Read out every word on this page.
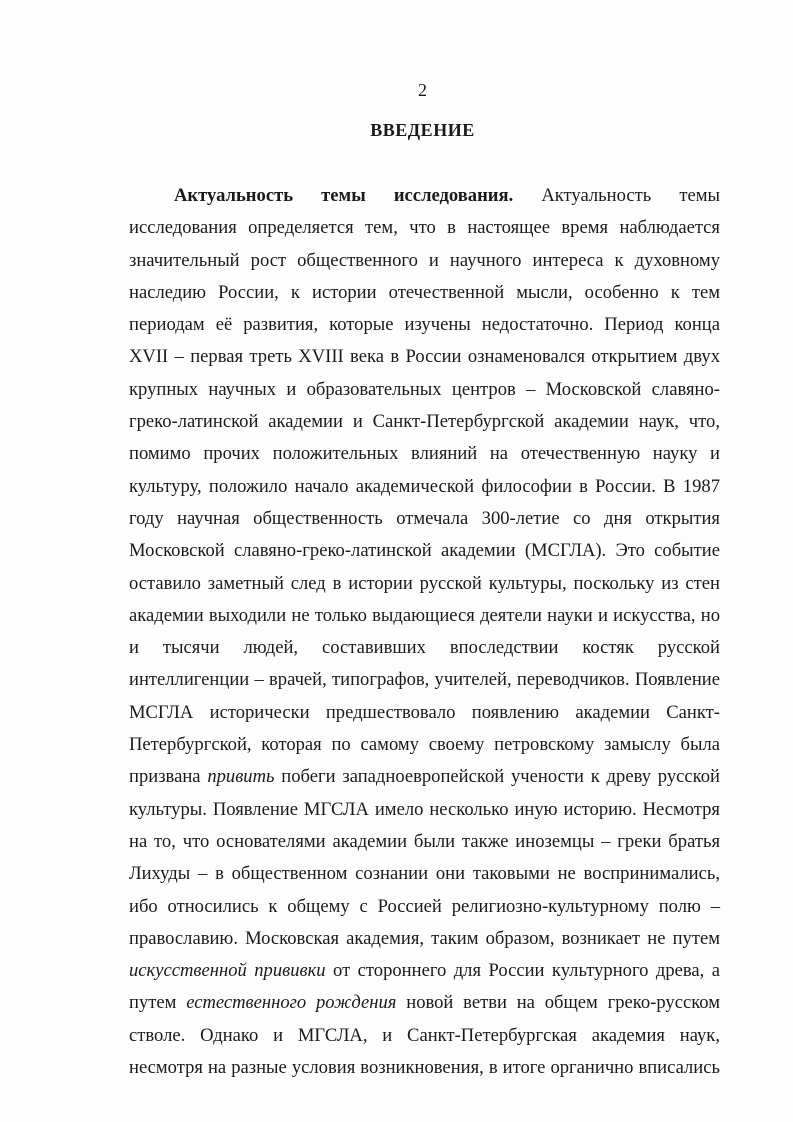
2
ВВЕДЕНИЕ
Актуальность темы исследования. Актуальность темы
исследования определяется тем, что в настоящее время наблюдается
значительный рост общественного и научного интереса к духовному
наследию России, к истории отечественной мысли, особенно к тем
периодам её развития, которые изучены недостаточно. Период конца
XVII – первая треть XVIII века в России ознаменовался открытием двух
крупных научных и образовательных центров – Московской славяно-
греко-латинской академии и Санкт-Петербургской академии наук, что,
помимо прочих положительных влияний на отечественную науку и
культуру, положило начало академической философии в России. В 1987
году научная общественность отмечала 300-летие со дня открытия
Московской славяно-греко-латинской академии (МСГЛА). Это событие
оставило заметный след в истории русской культуры, поскольку из стен
академии выходили не только выдающиеся деятели науки и искусства, но
и тысячи людей, составивших впоследствии костяк русской
интеллигенции – врачей, типографов, учителей, переводчиков. Появление
МСГЛА исторически предшествовало появлению академии Санкт-
Петербургской, которая по самому своему петровскому замыслу была
призвана привить побеги западноевропейской учености к древу русской
культуры. Появление МГСЛА имело несколько иную историю. Несмотря
на то, что основателями академии были также иноземцы – греки братья
Лихуды – в общественном сознании они таковыми не воспринимались,
ибо относились к общему с Россией религиозно-культурному полю –
православию. Московская академия, таким образом, возникает не путем
искусственной прививки от стороннего для России культурного древа, а
путем естественного рождения новой ветви на общем греко-русском
стволе. Однако и МГСЛА, и Санкт-Петербургская академия наук,
несмотря на разные условия возникновения, в итоге органично вписались
